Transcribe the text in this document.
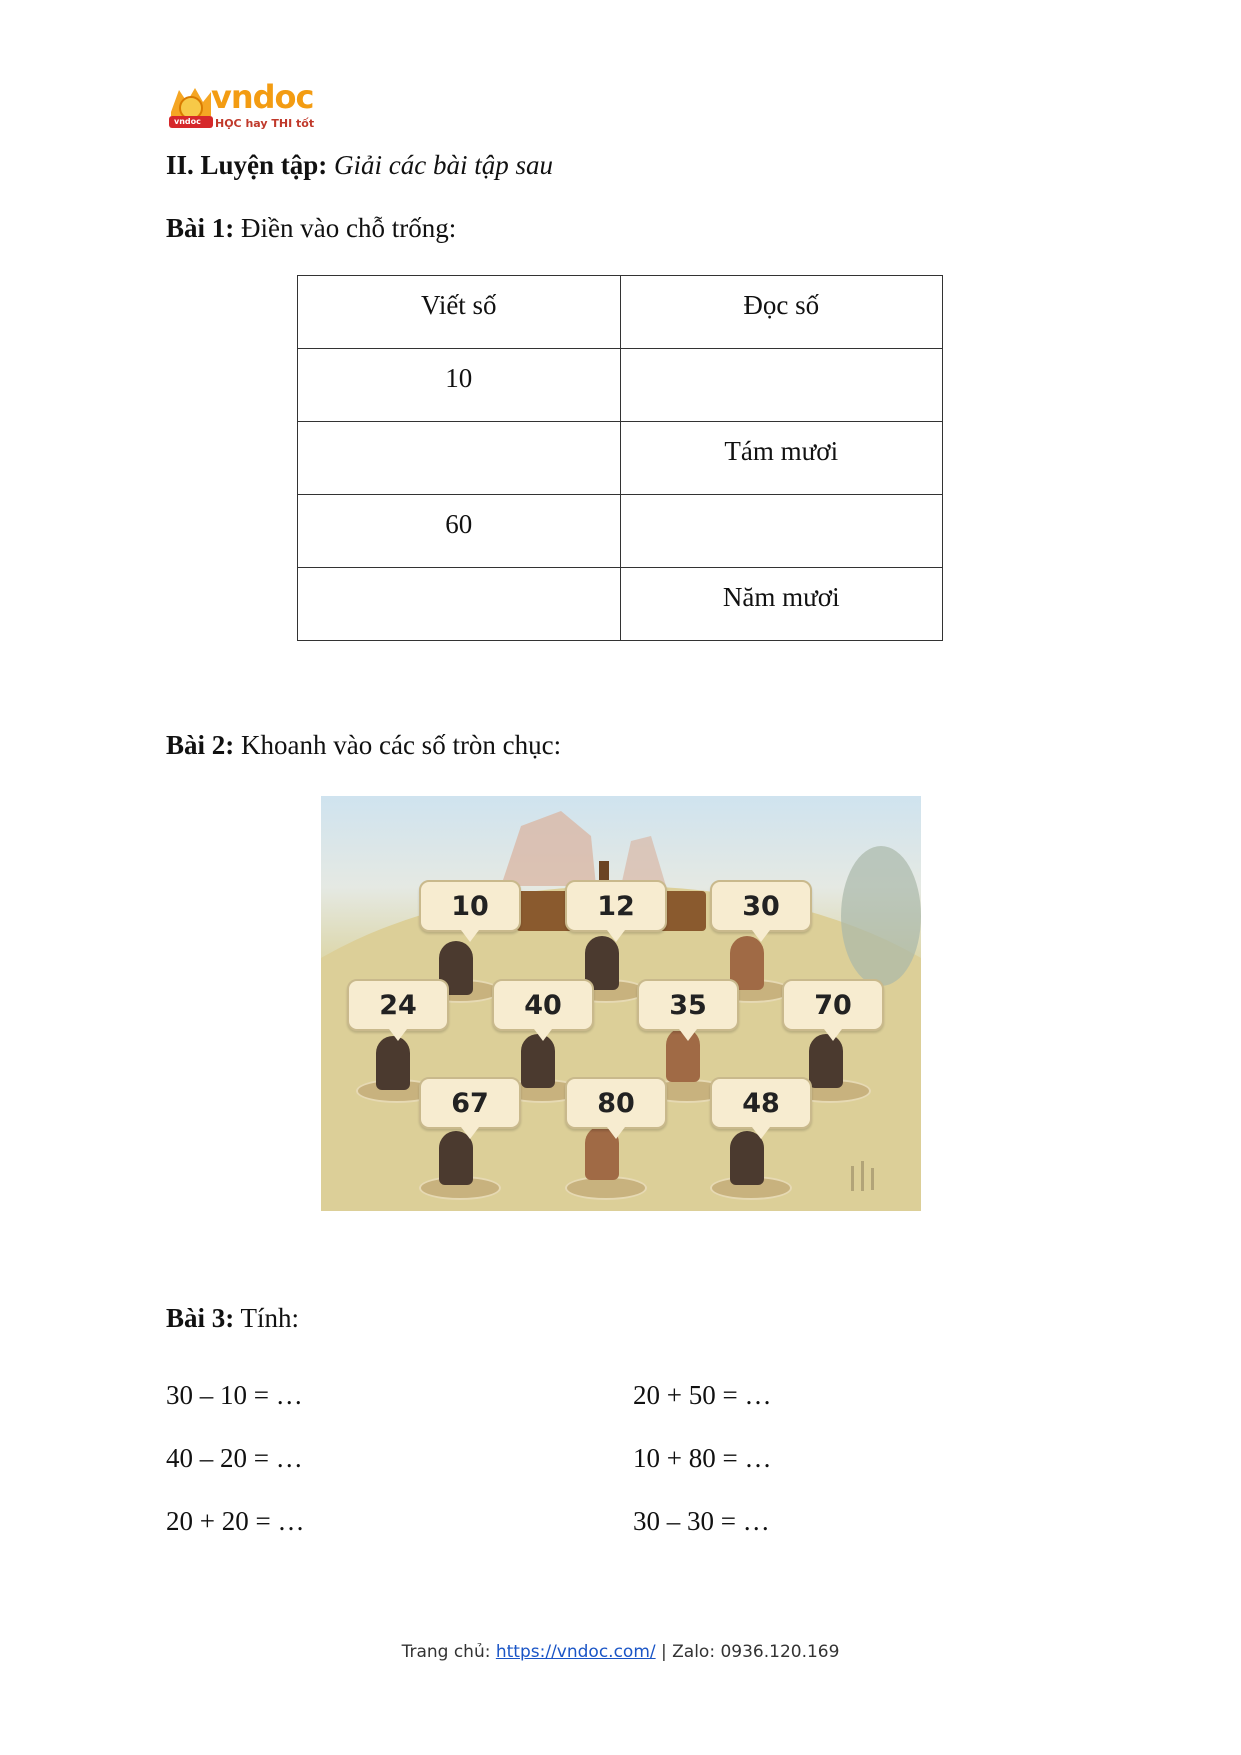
vndoc
vndoc
HỌC hay THI tốt
II. Luyện tập: Giải các bài tập sau
Bài 1: Điền vào chỗ trống:
Viết số	Đọc số
10	
	Tám mươi
60	
	Năm mươi
Bài 2: Khoanh vào các số tròn chục:
10	12	30
24	40	35	70
67	80	48
Bài 3: Tính:
30 – 10 = …
40 – 20 = …
20 + 20 = …
20 + 50 = …
10 + 80 = …
30 – 30 = …
Trang chủ: https://vndoc.com/ | Zalo: 0936.120.169
